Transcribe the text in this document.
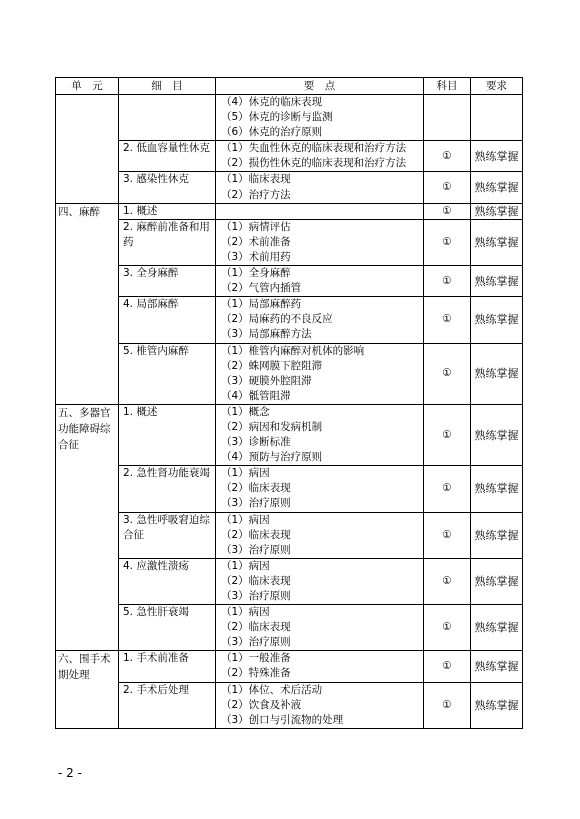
单　元	细　目	要　点	科目	要求

		（4）休克的临床表现
（5）休克的诊断与监测
（6）休克的治疗原则		

	2. 低血容量性休克	（1）失血性休克的临床表现和治疗方法
（2）损伤性休克的临床表现和治疗方法	①	熟练掌握
	3. 感染性休克	（1）临床表现
（2）治疗方法	①	熟练掌握
四、麻醉	1. 概述		①	熟练掌握
	2. 麻醉前准备和用药	（1）病情评估
（2）术前准备
（3）术前用药	①	熟练掌握
	3. 全身麻醉	（1）全身麻醉
（2）气管内插管	①	熟练掌握
	4. 局部麻醉	（1）局部麻醉药
（2）局麻药的不良反应
（3）局部麻醉方法	①	熟练掌握
	5. 椎管内麻醉	（1）椎管内麻醉对机体的影响
（2）蛛网膜下腔阻滞
（3）硬膜外腔阻滞
（4）骶管阻滞	①	熟练掌握
五、多器官功能障碍综合征	1. 概述	（1）概念
（2）病因和发病机制
（3）诊断标准
（4）预防与治疗原则	①	熟练掌握
	2. 急性肾功能衰竭	（1）病因
（2）临床表现
（3）治疗原则	①	熟练掌握
	3. 急性呼吸窘迫综合征	（1）病因
（2）临床表现
（3）治疗原则	①	熟练掌握
	4. 应激性溃疡	（1）病因
（2）临床表现
（3）治疗原则	①	熟练掌握
	5. 急性肝衰竭	（1）病因
（2）临床表现
（3）治疗原则	①	熟练掌握
六、围手术期处理	1. 手术前准备	（1）一般准备
（2）特殊准备	①	熟练掌握
	2. 手术后处理	（1）体位、术后活动
（2）饮食及补液
（3）创口与引流物的处理	①	熟练掌握
- 2 -
